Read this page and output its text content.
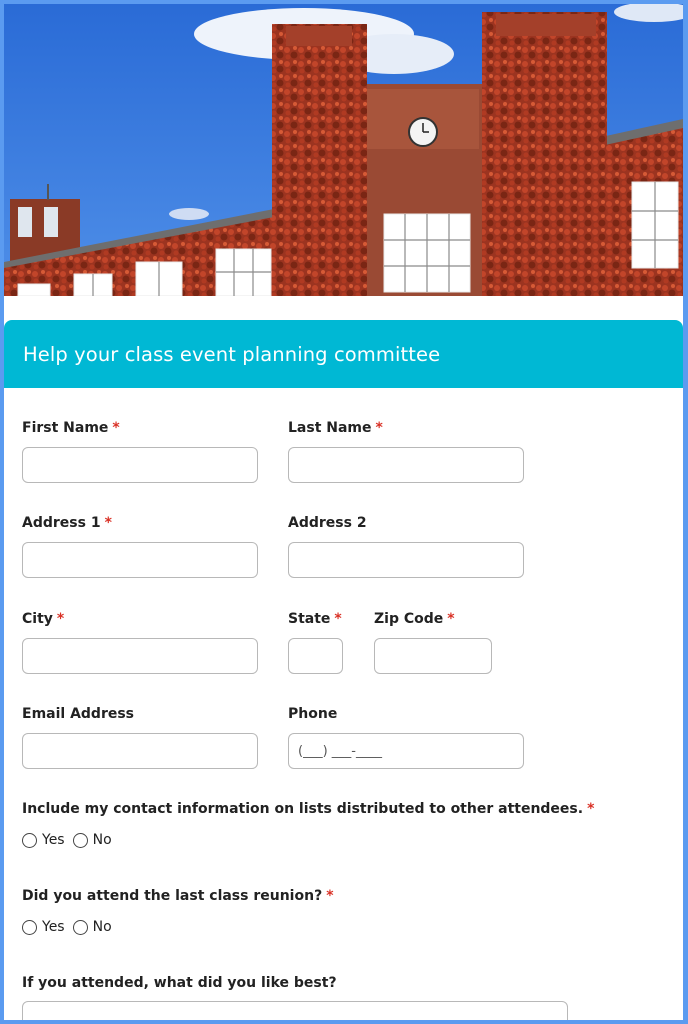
Help your class event planning committee
First Name *	Last Name *
Address 1 *	Address 2
City *	State * Zip Code *
Email Address	Phone
(___) ___-____
Include my contact information on lists distributed to other attendees. *
Yes No
Did you attend the last class reunion? *
Yes No
If you attended, what did you like best?
